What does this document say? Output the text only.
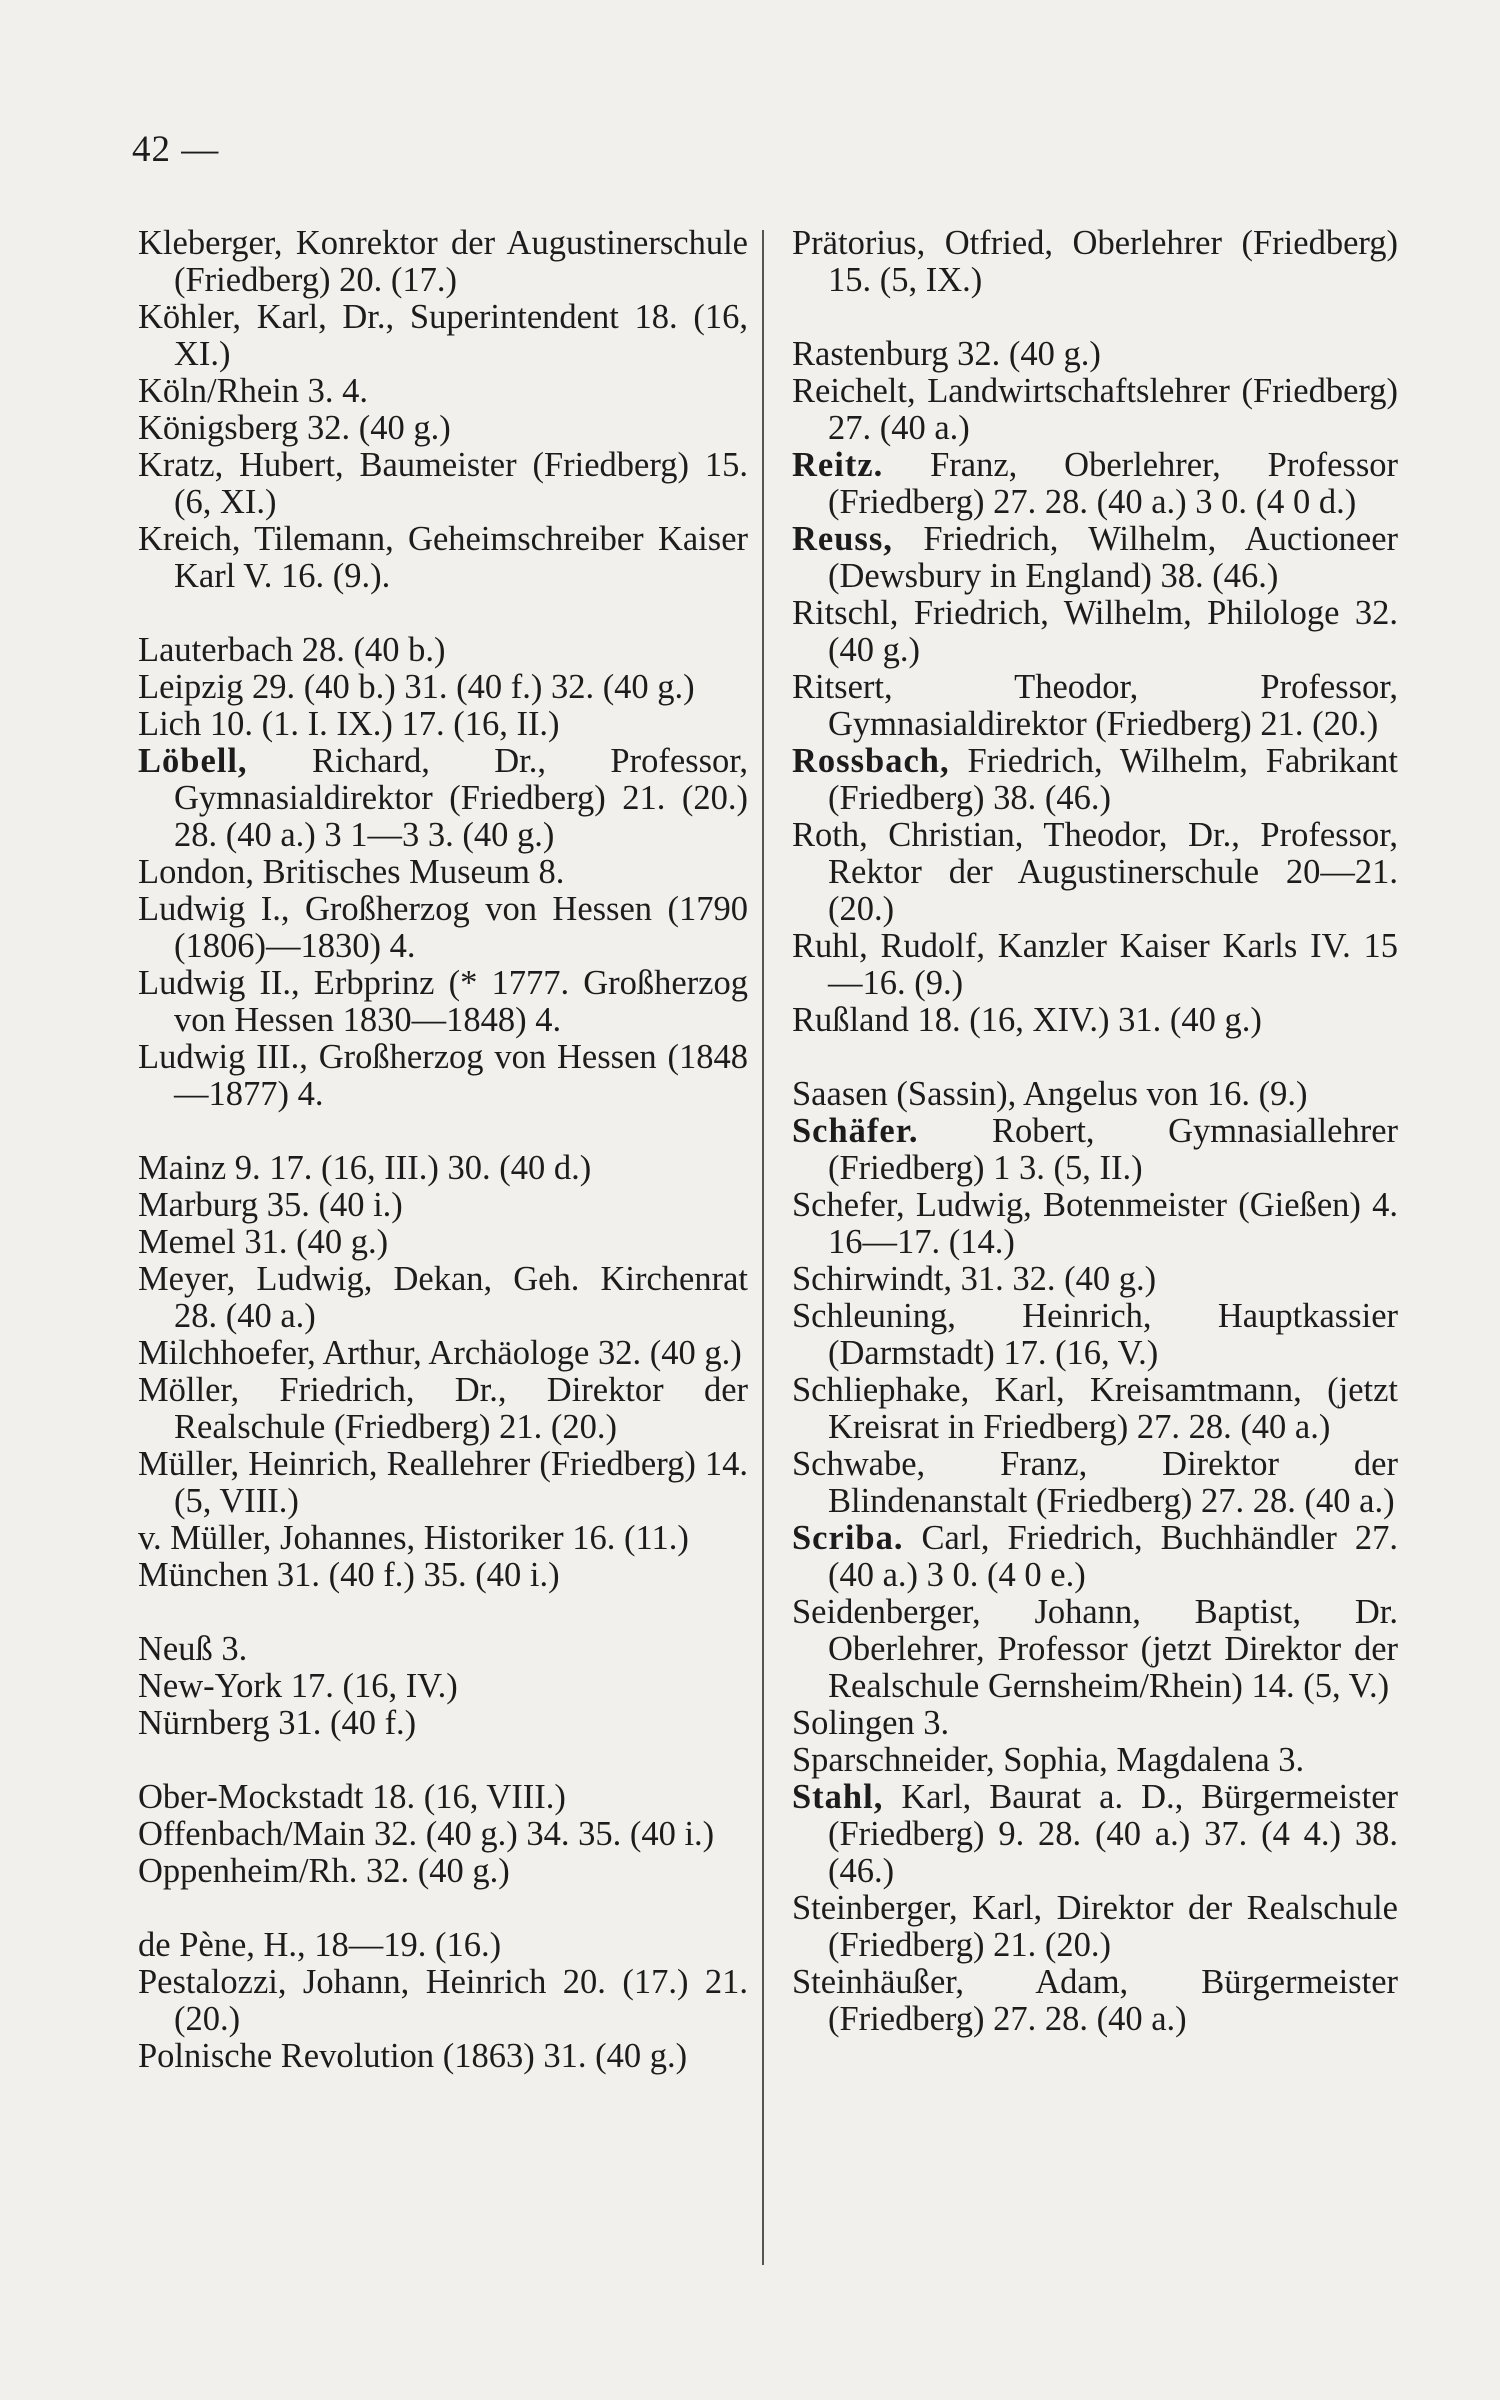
42 —

Kleberger, Konrektor der Augustinerschule (Friedberg) 20. (17.)

Köhler, Karl, Dr., Superintendent 18. (16, XI.)

Köln/Rhein 3. 4.

Königsberg 32. (40 g.)

Kratz, Hubert, Baumeister (Friedberg) 15. (6, XI.)

Kreich, Tilemann, Geheimschreiber Kaiser Karl V. 16. (9.).

Lauterbach 28. (40 b.)

Leipzig 29. (40 b.) 31. (40 f.) 32. (40 g.)

Lich 10. (1. I. IX.) 17. (16, II.)

Löbell, Richard, Dr., Professor, Gymnasialdirektor (Friedberg) 21. (20.) 28. (40 a.) 3 1—3 3. (40 g.)

London, Britisches Museum 8.

Ludwig I., Großherzog von Hessen (1790 (1806)—1830) 4.

Ludwig II., Erbprinz (* 1777. Großherzog von Hessen 1830—1848) 4.

Ludwig III., Großherzog von Hessen (1848—1877) 4.

Mainz 9. 17. (16, III.) 30. (40 d.)

Marburg 35. (40 i.)

Memel 31. (40 g.)

Meyer, Ludwig, Dekan, Geh. Kirchenrat 28. (40 a.)

Milchhoefer, Arthur, Archäologe 32. (40 g.)

Möller, Friedrich, Dr., Direktor der Realschule (Friedberg) 21. (20.)

Müller, Heinrich, Reallehrer (Friedberg) 14. (5, VIII.)

v. Müller, Johannes, Historiker 16. (11.)

München 31. (40 f.) 35. (40 i.)

Neuß 3.

New-York 17. (16, IV.)

Nürnberg 31. (40 f.)

Ober-Mockstadt 18. (16, VIII.)

Offenbach/Main 32. (40 g.) 34. 35. (40 i.)

Oppenheim/Rh. 32. (40 g.)

de Pène, H., 18—19. (16.)

Pestalozzi, Johann, Heinrich 20. (17.) 21. (20.)

Polnische Revolution (1863) 31. (40 g.)

Prätorius, Otfried, Oberlehrer (Friedberg) 15. (5, IX.)

Rastenburg 32. (40 g.)

Reichelt, Landwirtschaftslehrer (Friedberg) 27. (40 a.)

Reitz. Franz, Oberlehrer, Professor (Friedberg) 27. 28. (40 a.) 3 0. (4 0 d.)

Reuss, Friedrich, Wilhelm, Auctioneer (Dewsbury in England) 38. (46.)

Ritschl, Friedrich, Wilhelm, Philologe 32. (40 g.)

Ritsert, Theodor, Professor, Gymnasialdirektor (Friedberg) 21. (20.)

Rossbach, Friedrich, Wilhelm, Fabrikant (Friedberg) 38. (46.)

Roth, Christian, Theodor, Dr., Professor, Rektor der Augustinerschule 20—21. (20.)

Ruhl, Rudolf, Kanzler Kaiser Karls IV. 15—16. (9.)

Rußland 18. (16, XIV.) 31. (40 g.)

Saasen (Sassin), Angelus von 16. (9.)

Schäfer. Robert, Gymnasiallehrer (Friedberg) 1 3. (5, II.)

Schefer, Ludwig, Botenmeister (Gießen) 4. 16—17. (14.)

Schirwindt, 31. 32. (40 g.)

Schleuning, Heinrich, Hauptkassier (Darmstadt) 17. (16, V.)

Schliephake, Karl, Kreisamtmann, (jetzt Kreisrat in Friedberg) 27. 28. (40 a.)

Schwabe, Franz, Direktor der Blindenanstalt (Friedberg) 27. 28. (40 a.)

Scriba. Carl, Friedrich, Buchhändler 27. (40 a.) 3 0. (4 0 e.)

Seidenberger, Johann, Baptist, Dr. Oberlehrer, Professor (jetzt Direktor der Realschule Gernsheim/Rhein) 14. (5, V.)

Solingen 3.

Sparschneider, Sophia, Magdalena 3.

Stahl, Karl, Baurat a. D., Bürgermeister (Friedberg) 9. 28. (40 a.) 37. (4 4.) 38. (46.)

Steinberger, Karl, Direktor der Realschule (Friedberg) 21. (20.)

Steinhäußer, Adam, Bürgermeister (Friedberg) 27. 28. (40 a.)
